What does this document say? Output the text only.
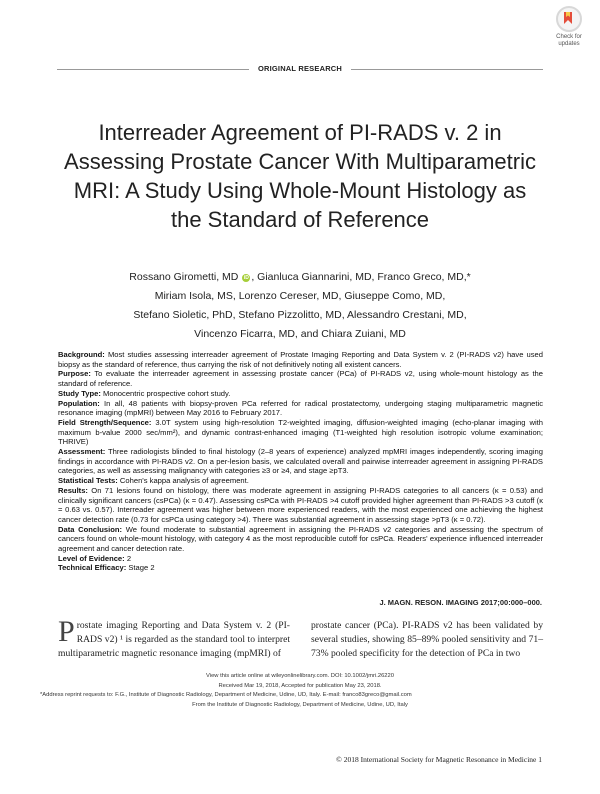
Check for
updates
ORIGINAL RESEARCH
Interreader Agreement of PI-RADS v. 2 in Assessing Prostate Cancer With Multiparametric MRI: A Study Using Whole-Mount Histology as the Standard of Reference
Rossano Girometti, MD iD , Gianluca Giannarini, MD, Franco Greco, MD,*
Miriam Isola, MS, Lorenzo Cereser, MD, Giuseppe Como, MD,
Stefano Sioletic, PhD, Stefano Pizzolitto, MD, Alessandro Crestani, MD,
Vincenzo Ficarra, MD, and Chiara Zuiani, MD

Background: Most studies assessing interreader agreement of Prostate Imaging Reporting and Data System v. 2 (PI-RADS v2) have used biopsy as the standard of reference, thus carrying the risk of not definitively noting all existent cancers.

Purpose: To evaluate the interreader agreement in assessing prostate cancer (PCa) of PI-RADS v2, using whole-mount histology as the standard of reference.

Study Type: Monocentric prospective cohort study.

Population: In all, 48 patients with biopsy-proven PCa referred for radical prostatectomy, undergoing staging multiparametric magnetic resonance imaging (mpMRI) between May 2016 to February 2017.

Field Strength/Sequence: 3.0T system using high-resolution T2-weighted imaging, diffusion-weighted imaging (echo-planar imaging with maximum b-value 2000 sec/mm²), and dynamic contrast-enhanced imaging (T1-weighted high resolution isotropic volume examination; THRIVE)

Assessment: Three radiologists blinded to final histology (2–8 years of experience) analyzed mpMRI images independently, scoring imaging findings in accordance with PI-RADS v2. On a per-lesion basis, we calculated overall and pairwise interreader agreement in assigning PI-RADS categories, as well as assessing malignancy with categories ≥3 or ≥4, and stage ≥pT3.

Statistical Tests: Cohen's kappa analysis of agreement.

Results: On 71 lesions found on histology, there was moderate agreement in assigning PI-RADS categories to all cancers (κ = 0.53) and clinically significant cancers (csPCa) (κ = 0.47). Assessing csPCa with PI-RADS >4 cutoff provided higher agreement than PI-RADS >3 cutoff (κ = 0.63 vs. 0.57). Interreader agreement was higher between more experienced readers, with the most experienced one achieving the highest cancer detection rate (0.73 for csPCa using category >4). There was substantial agreement in assessing stage >pT3 (κ = 0.72).

Data Conclusion: We found moderate to substantial agreement in assigning the PI-RADS v2 categories and assessing the spectrum of cancers found on whole-mount histology, with category 4 as the most reproducible cutoff for csPCa. Readers' experience influenced interreader agreement and cancer detection rate.

Level of Evidence: 2

Technical Efficacy: Stage 2

J. MAGN. RESON. IMAGING 2017;00:000–000.
P rostate imaging Reporting and Data System v. 2 (PI-RADS v2) ¹ is regarded as the standard tool to interpret multiparametric magnetic resonance imaging (mpMRI) of
prostate cancer (PCa). PI-RADS v2 has been validated by several studies, showing 85–89% pooled sensitivity and 71–73% pooled specificity for the detection of PCa in two
View this article online at wileyonlinelibrary.com. DOI: 10.1002/jmri.26220
Received Mar 19, 2018, Accepted for publication May 23, 2018.
*Address reprint requests to: F.G., Institute of Diagnostic Radiology, Department of Medicine, Udine, UD, Italy. E-mail: franco83greco@gmail.com
From the Institute of Diagnostic Radiology, Department of Medicine, Udine, UD, Italy
© 2018 International Society for Magnetic Resonance in Medicine 1
